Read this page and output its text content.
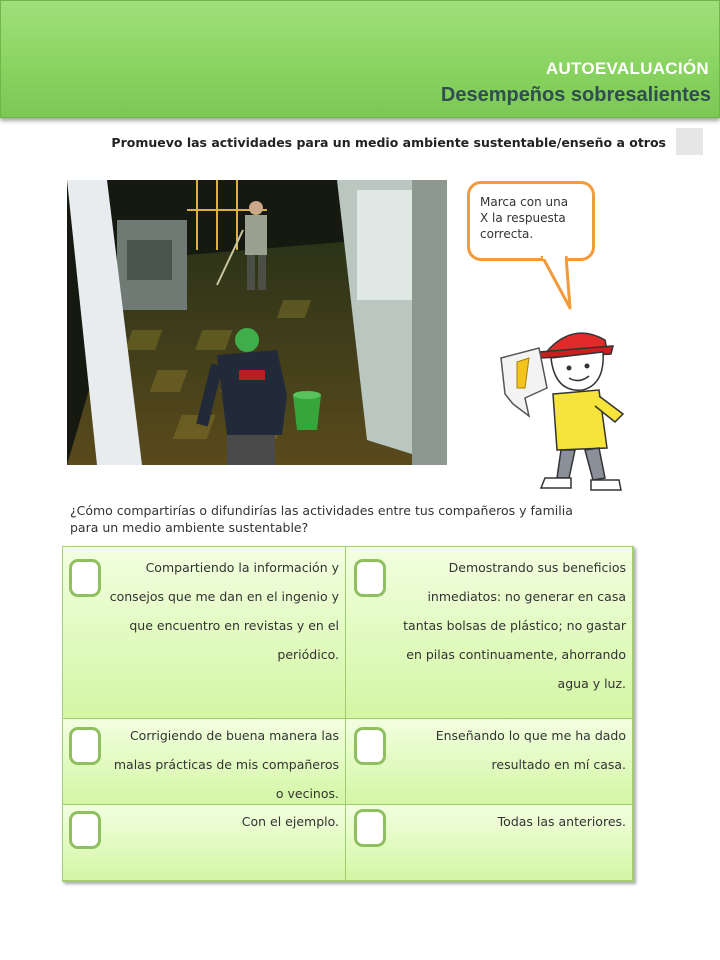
AUTOEVALUACIÓN
Desempeños sobresalientes
Promuevo las actividades para un medio ambiente sustentable/enseño a otros
Marca con una
X la respuesta
correcta.
¿Cómo compartirías o difundirías las actividades entre tus compañeros y familia
para un medio ambiente sustentable?
Compartiendo la información y
consejos que me dan en el ingenio y
que encuentro en revistas y en el
periódico.
Demostrando sus beneficios
inmediatos: no generar en casa
tantas bolsas de plástico; no gastar
en pilas continuamente, ahorrando
agua y luz.
Corrigiendo de buena manera las
malas prácticas de mis compañeros
o vecinos.
Enseñando lo que me ha dado
resultado en mí casa.
Con el ejemplo.	Todas las anteriores.
